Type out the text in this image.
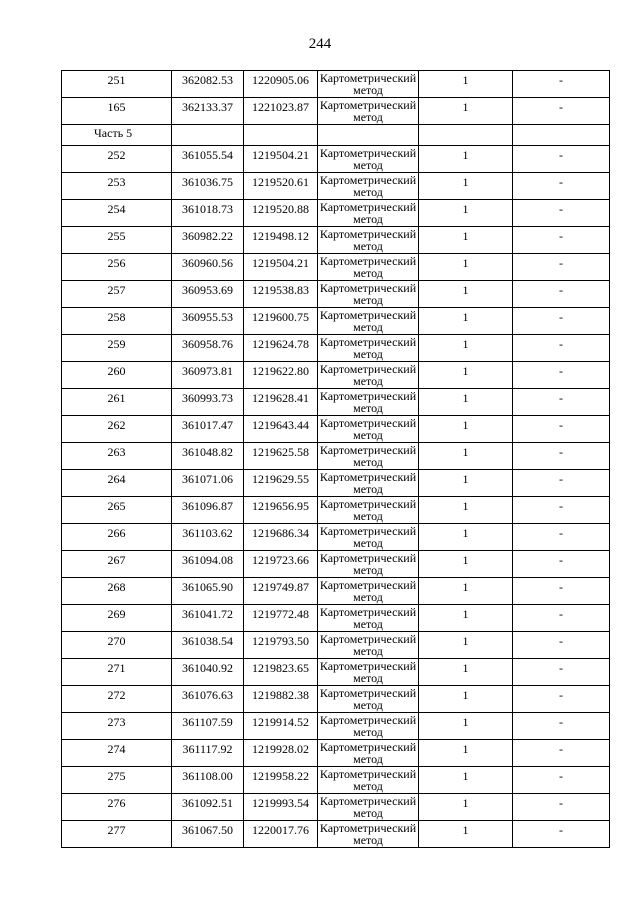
244
251	362082.53	1220905.06	Картометрический метод	1	-
165	362133.37	1221023.87	Картометрический метод	1	-
Часть 5					
252	361055.54	1219504.21	Картометрический метод	1	-
253	361036.75	1219520.61	Картометрический метод	1	-
254	361018.73	1219520.88	Картометрический метод	1	-
255	360982.22	1219498.12	Картометрический метод	1	-
256	360960.56	1219504.21	Картометрический метод	1	-
257	360953.69	1219538.83	Картометрический метод	1	-
258	360955.53	1219600.75	Картометрический метод	1	-
259	360958.76	1219624.78	Картометрический метод	1	-
260	360973.81	1219622.80	Картометрический метод	1	-
261	360993.73	1219628.41	Картометрический метод	1	-
262	361017.47	1219643.44	Картометрический метод	1	-
263	361048.82	1219625.58	Картометрический метод	1	-
264	361071.06	1219629.55	Картометрический метод	1	-
265	361096.87	1219656.95	Картометрический метод	1	-
266	361103.62	1219686.34	Картометрический метод	1	-
267	361094.08	1219723.66	Картометрический метод	1	-
268	361065.90	1219749.87	Картометрический метод	1	-
269	361041.72	1219772.48	Картометрический метод	1	-
270	361038.54	1219793.50	Картометрический метод	1	-
271	361040.92	1219823.65	Картометрический метод	1	-
272	361076.63	1219882.38	Картометрический метод	1	-
273	361107.59	1219914.52	Картометрический метод	1	-
274	361117.92	1219928.02	Картометрический метод	1	-
275	361108.00	1219958.22	Картометрический метод	1	-
276	361092.51	1219993.54	Картометрический метод	1	-
277	361067.50	1220017.76	Картометрический метод	1	-
